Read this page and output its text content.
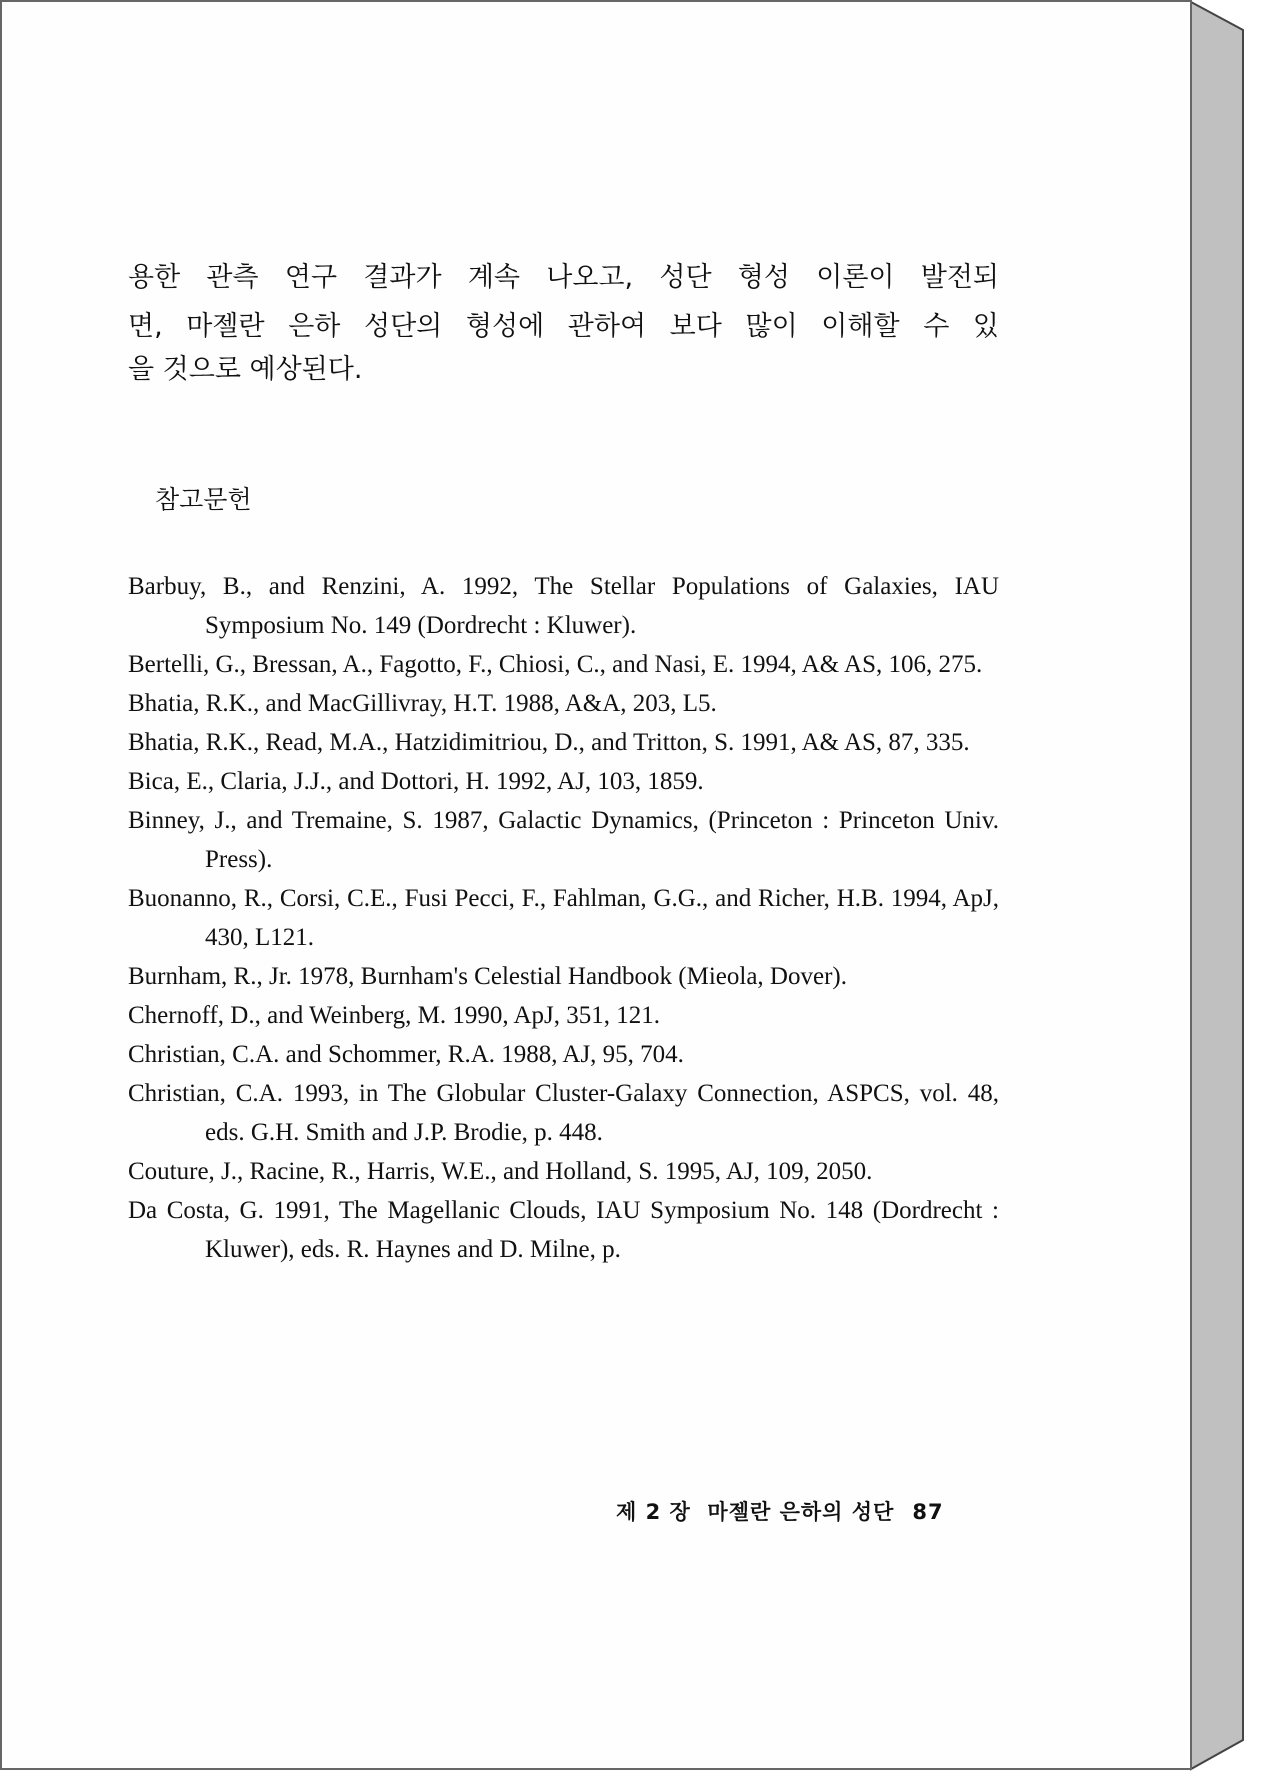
용한 관측 연구 결과가 계속 나오고, 성단 형성 이론이 발전되
면, 마젤란 은하 성단의 형성에 관하여 보다 많이 이해할 수 있
을 것으로 예상된다.
참고문헌
Barbuy, B., and Renzini, A. 1992, The Stellar Populations of Galaxies, IAU Symposium No. 149 (Dordrecht : Kluwer).
Bertelli, G., Bressan, A., Fagotto, F., Chiosi, C., and Nasi, E. 1994, A& AS, 106, 275.
Bhatia, R.K., and MacGillivray, H.T. 1988, A&A, 203, L5.
Bhatia, R.K., Read, M.A., Hatzidimitriou, D., and Tritton, S. 1991, A& AS, 87, 335.
Bica, E., Claria, J.J., and Dottori, H. 1992, AJ, 103, 1859.
Binney, J., and Tremaine, S. 1987, Galactic Dynamics, (Princeton : Princeton Univ. Press).
Buonanno, R., Corsi, C.E., Fusi Pecci, F., Fahlman, G.G., and Richer, H.B. 1994, ApJ, 430, L121.
Burnham, R., Jr. 1978, Burnham's Celestial Handbook (Mieola, Dover).
Chernoff, D., and Weinberg, M. 1990, ApJ, 351, 121.
Christian, C.A. and Schommer, R.A. 1988, AJ, 95, 704.
Christian, C.A. 1993, in The Globular Cluster-Galaxy Connection, ASPCS, vol. 48, eds. G.H. Smith and J.P. Brodie, p. 448.
Couture, J., Racine, R., Harris, W.E., and Holland, S. 1995, AJ, 109, 2050.
Da Costa, G. 1991, The Magellanic Clouds, IAU Symposium No. 148 (Dordrecht : Kluwer), eds. R. Haynes and D. Milne, p.
제 2 장  마젤란 은하의 성단 87
